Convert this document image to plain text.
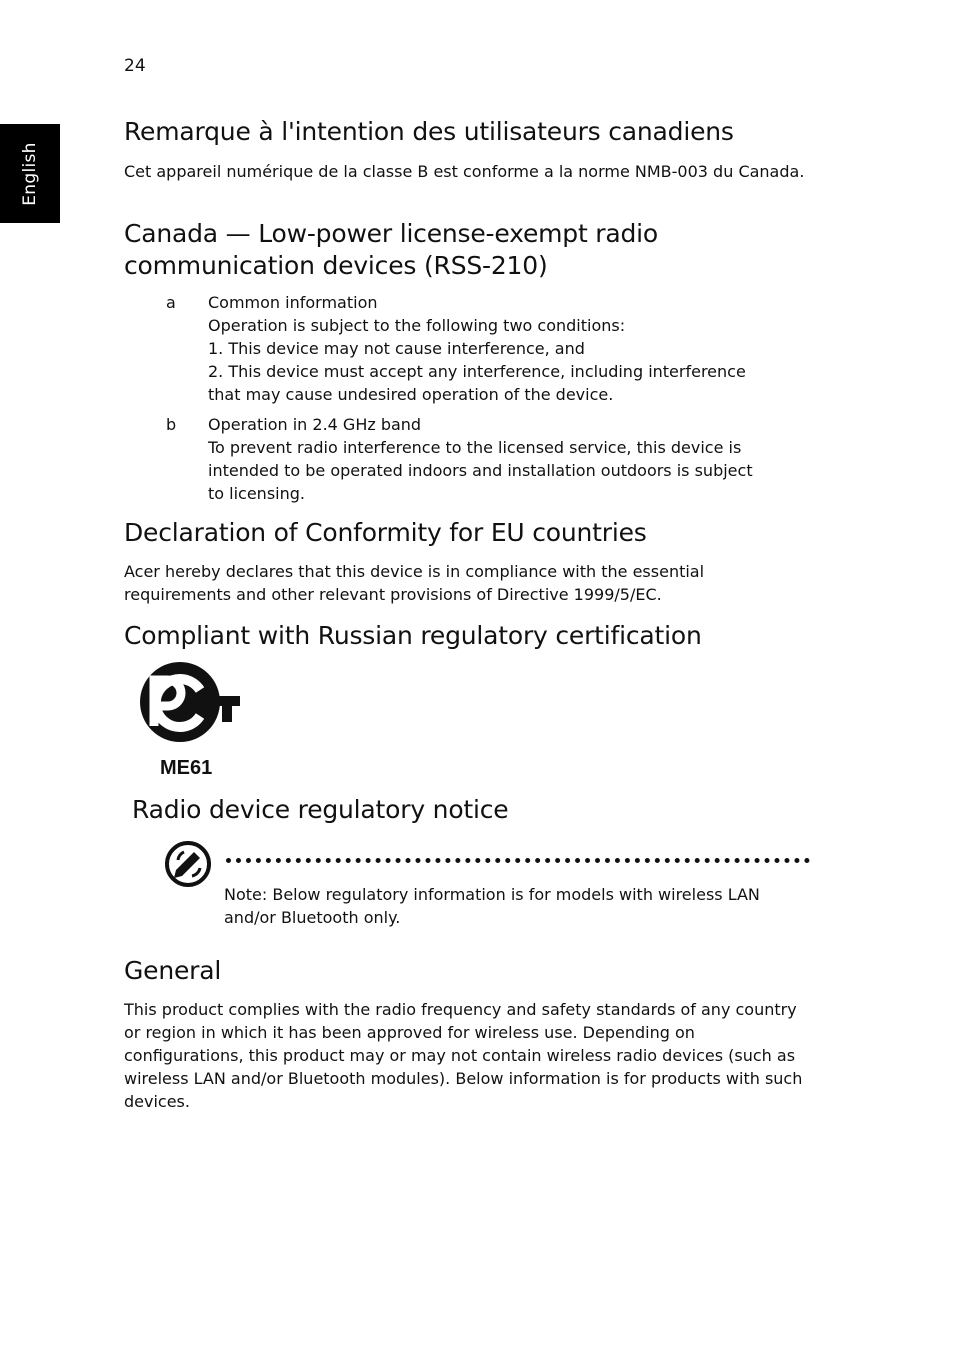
24
English
Remarque à l'intention des utilisateurs canadiens

Cet appareil numérique de la classe B est conforme a la norme NMB-003 du Canada.

Canada — Low-power license-exempt radio
communication devices (RSS-210)
a Common information
Operation is subject to the following two conditions:
1. This device may not cause interference, and
2. This device must accept any interference, including interference
that may cause undesired operation of the device.
b Operation in 2.4 GHz band
To prevent radio interference to the licensed service, this device is
intended to be operated indoors and installation outdoors is subject
to licensing.
Declaration of Conformity for EU countries

Acer hereby declares that this device is in compliance with the essential requirements and other relevant provisions of Directive 1999/5/EC.

Compliant with Russian regulatory certification
ME61
Radio device regulatory notice
Note: Below regulatory information is for models with wireless LAN and/or Bluetooth only.
General

This product complies with the radio frequency and safety standards of any country or region in which it has been approved for wireless use. Depending on configurations, this product may or may not contain wireless radio devices (such as wireless LAN and/or Bluetooth modules). Below information is for products with such devices.
